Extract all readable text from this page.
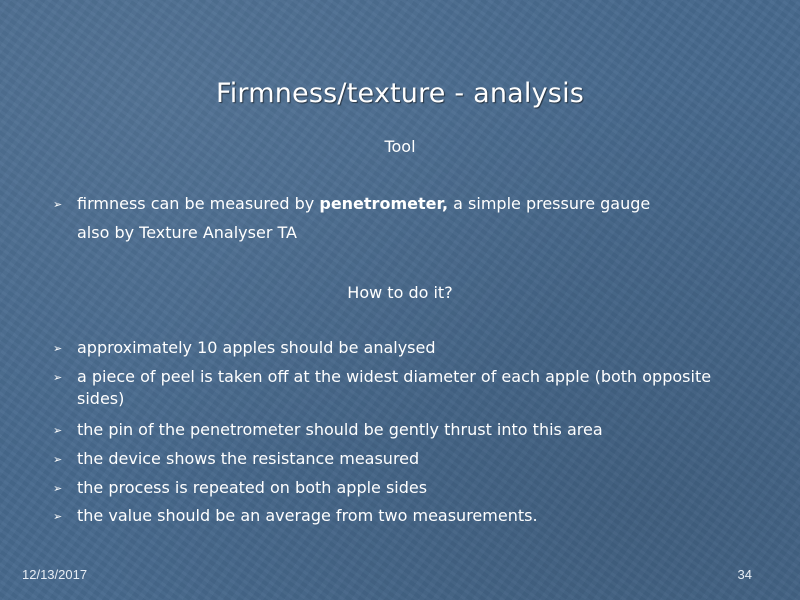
Firmness/texture - analysis
Tool
➢ firmness can be measured by penetrometer, a simple pressure gauge
also by Texture Analyser TA
How to do it?
➢ approximately 10 apples should be analysed
➢ a piece of peel is taken off at the widest diameter of each apple (both opposite sides)
➢ the pin of the penetrometer should be gently thrust into this area
➢ the device shows the resistance measured
➢ the process is repeated on both apple sides
➢ the value should be an average from two measurements.
12/13/2017	34
